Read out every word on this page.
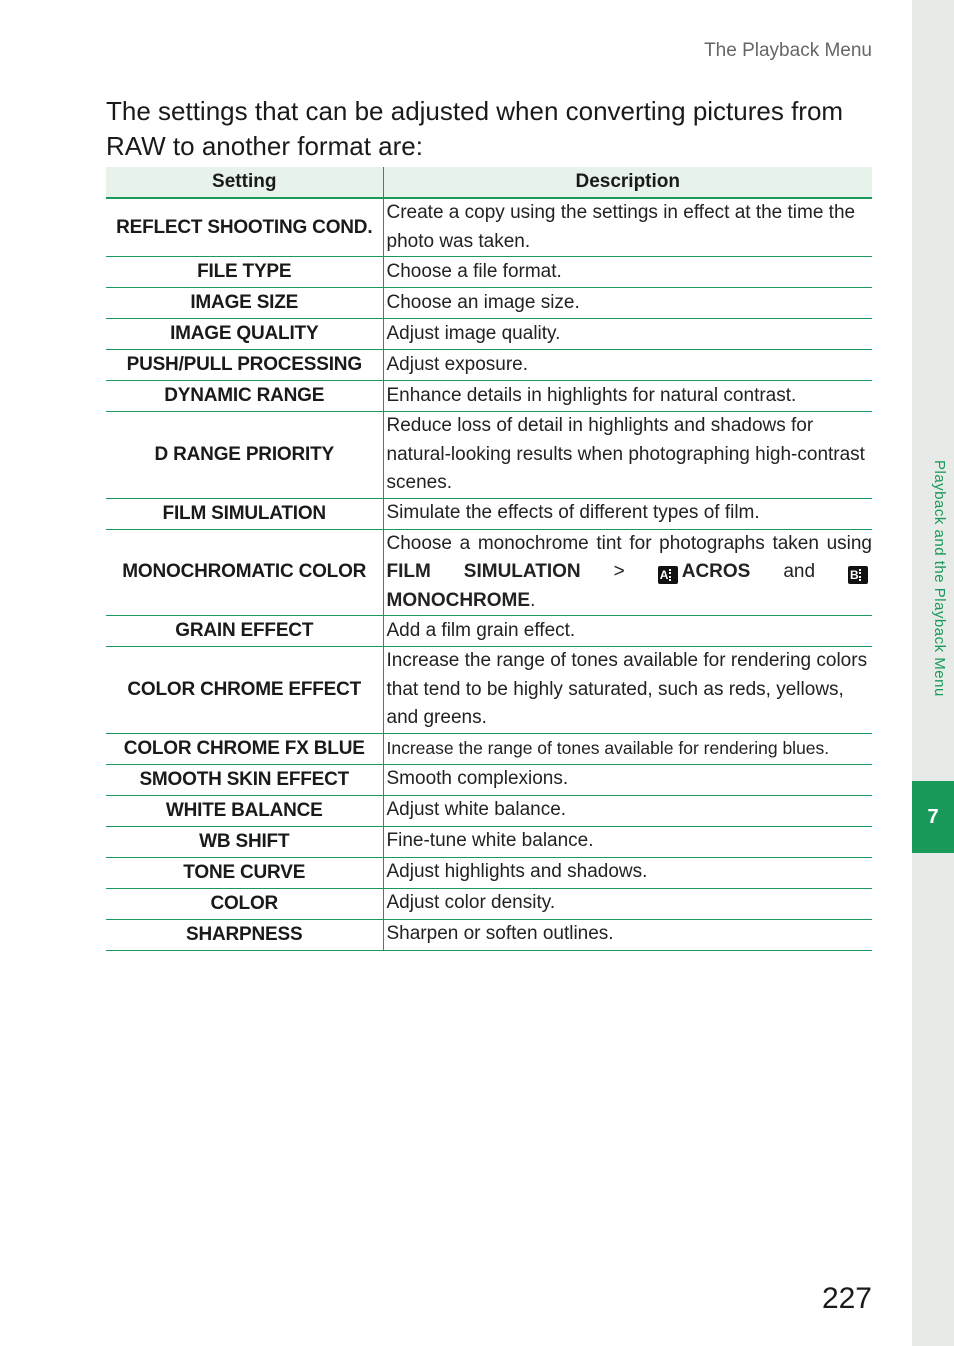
Playback and the Playback Menu
7
The Playback Menu
The settings that can be adjusted when converting pictures from RAW to another format are:
Setting	Description
REFLECT SHOOTING COND.	Create a copy using the settings in effect at the time the photo was taken.
FILE TYPE	Choose a file format.
IMAGE SIZE	Choose an image size.
IMAGE QUALITY	Adjust image quality.
PUSH/PULL PROCESSING	Adjust exposure.
DYNAMIC RANGE	Enhance details in highlights for natural contrast.
D RANGE PRIORITY	Reduce loss of detail in highlights and shadows for natural-looking results when photographing high-contrast scenes.
FILM SIMULATION	Simulate the effects of different types of film.
MONOCHROMATIC COLOR	Choose a monochrome tint for photographs taken using FILM SIMULATION > A ACROS and BMONOCHROME.
GRAIN EFFECT	Add a film grain effect.
COLOR CHROME EFFECT	Increase the range of tones available for rendering colors that tend to be highly saturated, such as reds, yellows, and greens.
COLOR CHROME FX BLUE	Increase the range of tones available for rendering blues.
SMOOTH SKIN EFFECT	Smooth complexions.
WHITE BALANCE	Adjust white balance.
WB SHIFT	Fine-tune white balance.
TONE CURVE	Adjust highlights and shadows.
COLOR	Adjust color density.
SHARPNESS	Sharpen or soften outlines.
227
